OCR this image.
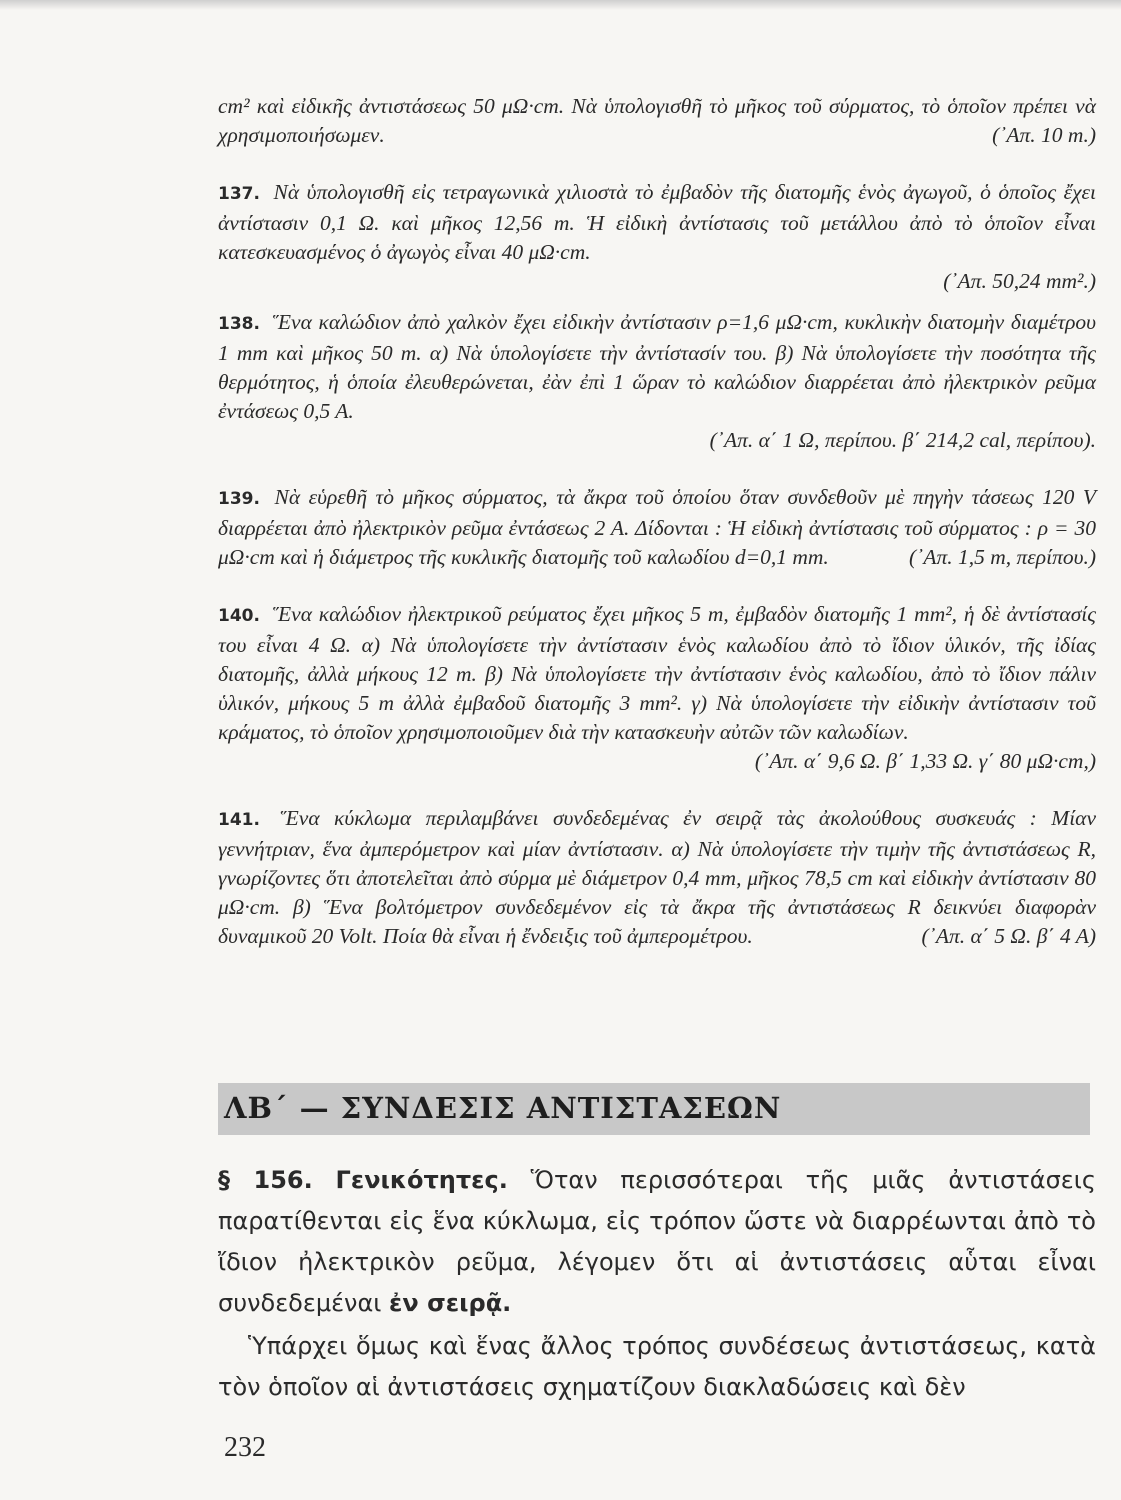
cm² καὶ εἰδικῆς ἀντιστάσεως 50 μΩ·cm. Νὰ ὑπολογισθῆ τὸ μῆκος τοῦ σύρματος, τὸ ὁποῖον πρέπει νὰ χρησιμοποιήσωμεν.	(᾿Απ. 10 m.)

137. Νὰ ὑπολογισθῆ εἰς τετραγωνικὰ χιλιοστὰ τὸ ἐμβαδὸν τῆς διατομῆς ἑνὸς ἀγωγοῦ, ὁ ὁποῖος ἔχει ἀντίστασιν 0,1 Ω. καὶ μῆκος 12,56 m. Ἡ εἰδικὴ ἀντίστασις τοῦ μετάλλου ἀπὸ τὸ ὁποῖον εἶναι κατεσκευασμένος ὁ ἀγωγὸς εἶναι 40 μΩ·cm.
(᾿Απ. 50,24 mm².)

138. Ἕνα καλώδιον ἀπὸ χαλκὸν ἔχει εἰδικὴν ἀντίστασιν ρ=1,6 μΩ·cm, κυκλικὴν διατομὴν διαμέτρου 1 mm καὶ μῆκος 50 m. α) Νὰ ὑπολογίσετε τὴν ἀντίστασίν του. β) Νὰ ὑπολογίσετε τὴν ποσότητα τῆς θερμότητος, ἡ ὁποία ἐλευθερώνεται, ἐὰν ἐπὶ 1 ὥραν τὸ καλώδιον διαρρέεται ἀπὸ ἠλεκτρικὸν ρεῦμα ἐντάσεως 0,5 Α.
(᾿Απ. α΄ 1 Ω, περίπου. β΄ 214,2 cal, περίπου).

139. Νὰ εὑρεθῆ τὸ μῆκος σύρματος, τὰ ἄκρα τοῦ ὁποίου ὅταν συνδεθοῦν μὲ πηγὴν τάσεως 120 V διαρρέεται ἀπὸ ἠλεκτρικὸν ρεῦμα ἐντάσεως 2 Α. Δίδονται : Ἡ εἰδικὴ ἀντίστασις τοῦ σύρματος : ρ = 30 μΩ·cm καὶ ἡ διάμετρος τῆς κυκλικῆς διατομῆς τοῦ καλωδίου d=0,1 mm.	(᾿Απ. 1,5 m, περίπου.)

140. Ἕνα καλώδιον ἠλεκτρικοῦ ρεύματος ἔχει μῆκος 5 m, ἐμβαδὸν διατομῆς 1 mm², ἡ δὲ ἀντίστασίς του εἶναι 4 Ω. α) Νὰ ὑπολογίσετε τὴν ἀντίστασιν ἑνὸς καλωδίου ἀπὸ τὸ ἴδιον ὑλικόν, τῆς ἰδίας διατομῆς, ἀλλὰ μήκους 12 m. β) Νὰ ὑπολογίσετε τὴν ἀντίστασιν ἑνὸς καλωδίου, ἀπὸ τὸ ἴδιον πάλιν ὑλικόν, μήκους 5 m ἀλλὰ ἐμβαδοῦ διατομῆς 3 mm². γ) Νὰ ὑπολογίσετε τὴν εἰδικὴν ἀντίστασιν τοῦ κράματος, τὸ ὁποῖον χρησιμοποιοῦμεν διὰ τὴν κατασκευὴν αὐτῶν τῶν καλωδίων.
(᾿Απ. α΄ 9,6 Ω. β΄ 1,33 Ω. γ΄ 80 μΩ·cm,)

141. Ἕνα κύκλωμα περιλαμβάνει συνδεδεμένας ἐν σειρᾷ τὰς ἀκολούθους συσκευάς : Μίαν γεννήτριαν, ἕνα ἀμπερόμετρον καὶ μίαν ἀντίστασιν. α) Νὰ ὑπολογίσετε τὴν τιμὴν τῆς ἀντιστάσεως R, γνωρίζοντες ὅτι ἀποτελεῖται ἀπὸ σύρμα μὲ διάμετρον 0,4 mm, μῆκος 78,5 cm καὶ εἰδικὴν ἀντίστασιν 80 μΩ·cm. β) Ἕνα βολτόμετρον συνδεδεμένον εἰς τὰ ἄκρα τῆς ἀντιστάσεως R δεικνύει διαφορὰν δυναμικοῦ 20 Volt. Ποία θὰ εἶναι ἡ ἔνδειξις τοῦ ἀμπερομέτρου.	(᾿Απ. α΄ 5 Ω. β΄ 4 Α)

ΛΒ΄ — ΣΥΝΔΕΣΙΣ ΑΝΤΙΣΤΑΣΕΩΝ

§ 156. Γενικότητες. Ὅταν περισσότεραι τῆς μιᾶς ἀντιστάσεις παρατίθενται εἰς ἕνα κύκλωμα, εἰς τρόπον ὥστε νὰ διαρρέωνται ἀπὸ τὸ ἴδιον ἠλεκτρικὸν ρεῦμα, λέγομεν ὅτι αἱ ἀντιστάσεις αὗται εἶναι συνδεδεμέναι ἐν σειρᾷ.

Ὑπάρχει ὅμως καὶ ἕνας ἄλλος τρόπος συνδέσεως ἀντιστάσεως, κατὰ τὸν ὁποῖον αἱ ἀντιστάσεις σχηματίζουν διακλαδώσεις καὶ δὲν

232
